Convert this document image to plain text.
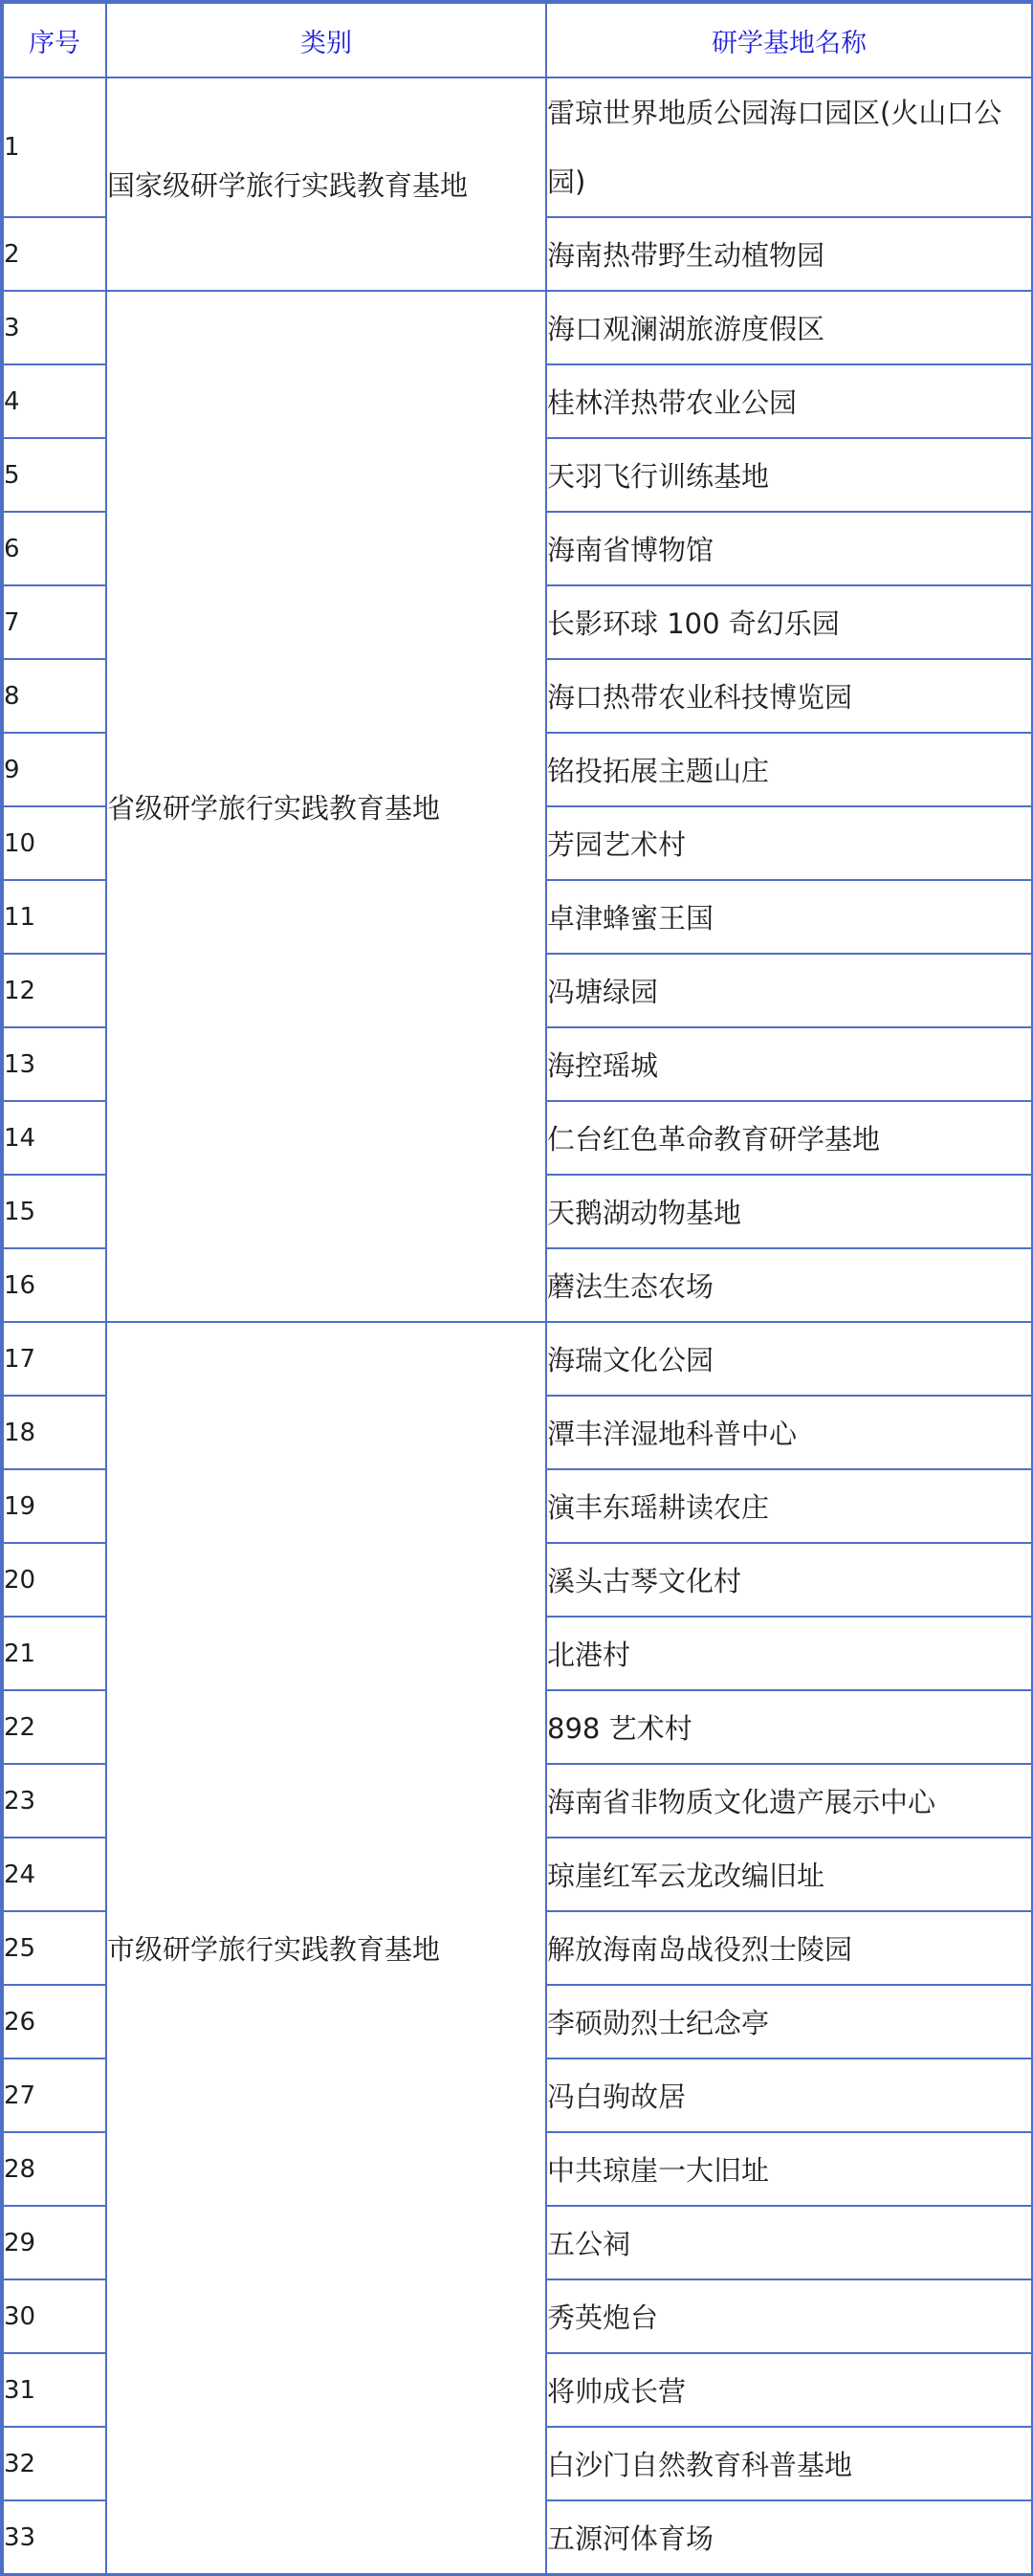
序号	类别	研学基地名称
1	国家级研学旅行实践教育基地	雷琼世界地质公园海口园区(火山口公园)
2		海南热带野生动植物园
3	省级研学旅行实践教育基地	海口观澜湖旅游度假区
4		桂林洋热带农业公园
5		天羽飞行训练基地
6		海南省博物馆
7		长影环球 100 奇幻乐园
8		海口热带农业科技博览园
9		铭投拓展主题山庄
10		芳园艺术村
11		卓津蜂蜜王国
12		冯塘绿园
13		海控瑶城
14		仁台红色革命教育研学基地
15		天鹅湖动物基地
16		蘑法生态农场
17	市级研学旅行实践教育基地	海瑞文化公园
18		潭丰洋湿地科普中心
19		演丰东瑶耕读农庄
20		溪头古琴文化村
21		北港村
22		898 艺术村
23		海南省非物质文化遗产展示中心
24		琼崖红军云龙改编旧址
25		解放海南岛战役烈士陵园
26		李硕勋烈士纪念亭
27		冯白驹故居
28		中共琼崖一大旧址
29		五公祠
30		秀英炮台
31		将帅成长营
32		白沙门自然教育科普基地
33		五源河体育场
